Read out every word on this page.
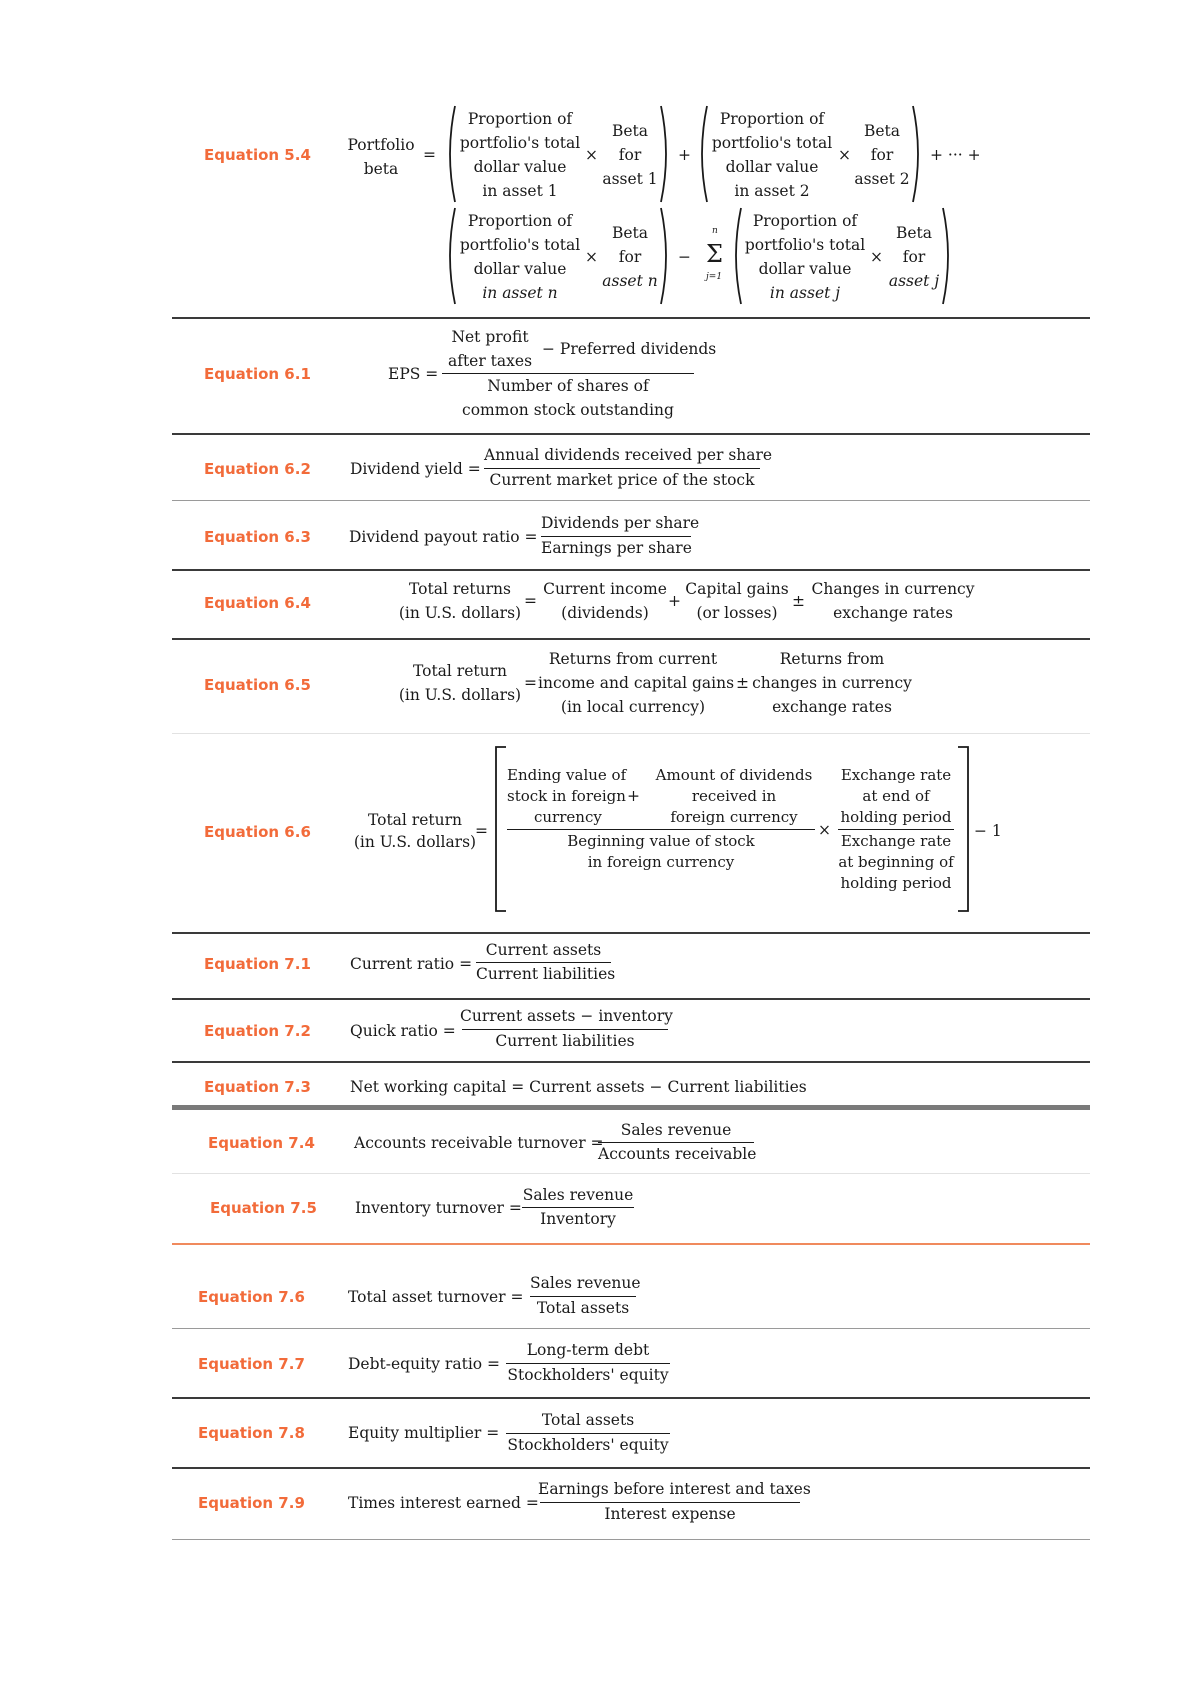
Equation 5.4
Portfolio
beta
=
Proportion of
portfolio's total
dollar value
in asset 1
×
Beta
for
asset 1
+
Proportion of
portfolio's total
dollar value
in asset 2
×
Beta
for
asset 2
+ ··· +
Proportion of
portfolio's total
dollar value
in asset n
×
Beta
for
asset n
− Σ
n
j=1
Proportion of
portfolio's total
dollar value
in asset j
×
Beta
for
asset j
Equation 6.1	EPS =
Net profit
after taxes
− Preferred dividends
Number of shares of
common stock outstanding
Equation 6.2	Dividend yield =
Annual dividends received per share
Current market price of the stock
Equation 6.3 Dividend payout ratio =
Dividends per share
Earnings per share
Equation 6.4
Total returns
(in U.S. dollars)
=
Current income
(dividends)
+
Capital gains
(or losses)
±
Changes in currency
exchange rates
Equation 6.5
Total return
(in U.S. dollars)
=
Returns from current
income and capital gains
(in local currency)
±
Returns from
changes in currency
exchange rates
Equation 6.6
Total return
(in U.S. dollars)
=
Ending value of
stock in foreign
currency
+
Amount of dividends
received in
foreign currency
Beginning value of stock
in foreign currency
×
Exchange rate
at end of
holding period
Exchange rate
at beginning of
holding period
− 1
Equation 7.1	Current ratio =
Current assets
Current liabilities
Equation 7.2	Quick ratio =
Current assets − inventory
Current liabilities
Equation 7.3	Net working capital = Current assets − Current liabilities
Equation 7.4	Accounts receivable turnover =
Sales revenue
Accounts receivable
Equation 7.5 Inventory turnover =
Sales revenue
Inventory
Equation 7.6	Total asset turnover =
Sales revenue
Total assets
Equation 7.7	Debt-equity ratio =
Long-term debt
Stockholders' equity
Equation 7.8	Equity multiplier =
Total assets
Stockholders' equity
Equation 7.9	Times interest earned =
Earnings before interest and taxes
Interest expense
